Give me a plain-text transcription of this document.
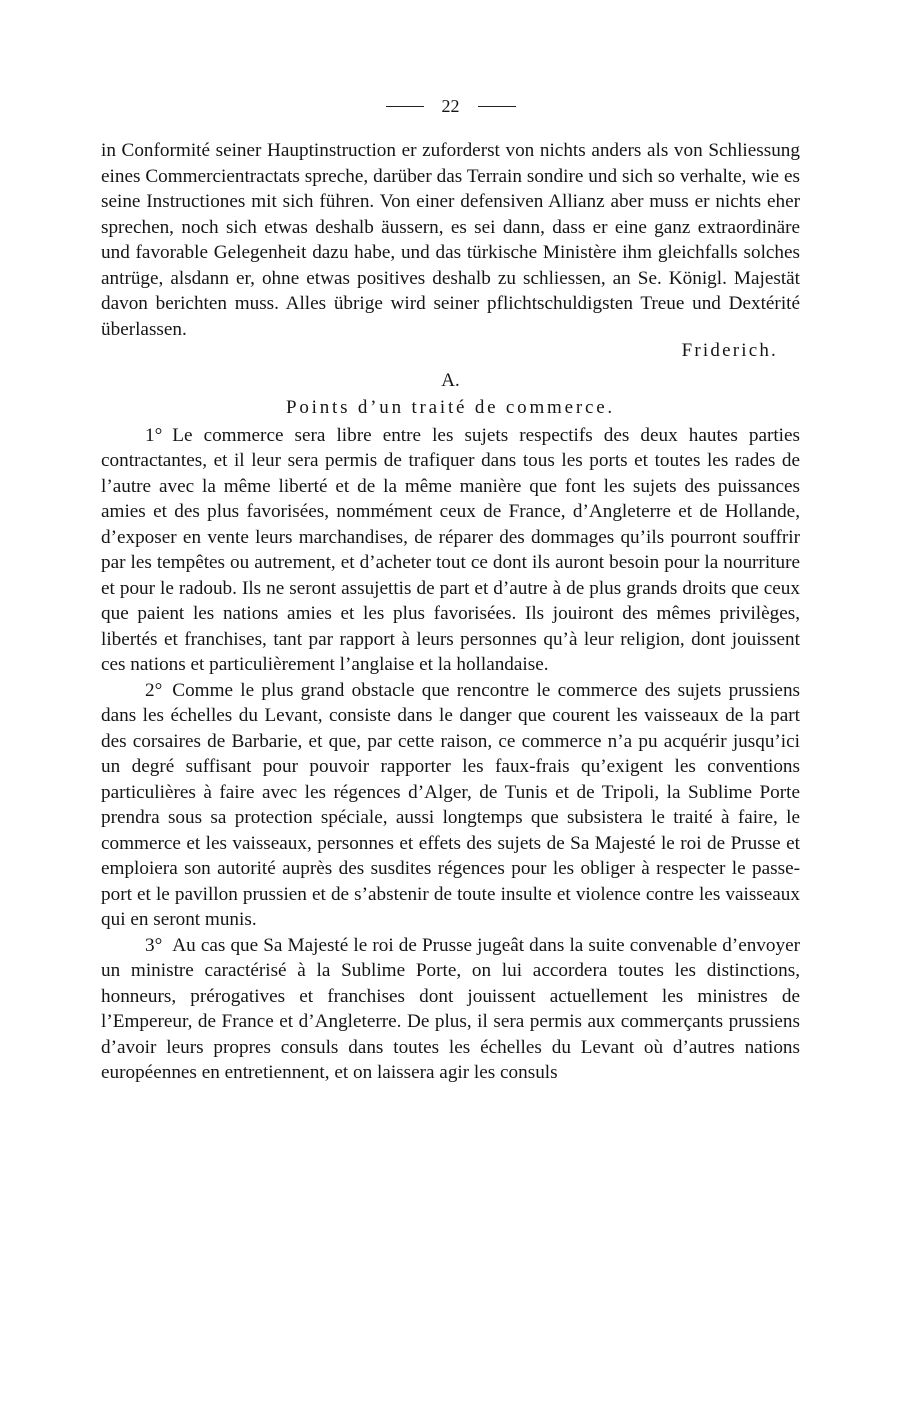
22

in Conformité seiner Hauptinstruction er zuforderst von nichts anders als von Schliessung eines Commercientractats spreche, darüber das Terrain sondire und sich so verhalte, wie es seine Instructiones mit sich führen. Von einer defensiven Allianz aber muss er nichts eher sprechen, noch sich etwas deshalb äussern, es sei dann, dass er eine ganz extraordinäre und favorable Gelegenheit dazu habe, und das türkische Ministère ihm gleichfalls solches antrüge, alsdann er, ohne etwas positives deshalb zu schliessen, an Se. Königl. Majestät davon berichten muss. Alles übrige wird seiner pflichtschuldigsten Treue und Dextérité überlassen.

Friderich.
A.
Points d’un traité de commerce.

1° Le commerce sera libre entre les sujets respectifs des deux hautes parties contractantes, et il leur sera permis de trafiquer dans tous les ports et toutes les rades de l’autre avec la même liberté et de la même manière que font les sujets des puissances amies et des plus favorisées, nommément ceux de France, d’Angleterre et de Hollande, d’exposer en vente leurs marchandises, de réparer des dommages qu’ils pourront souffrir par les tempêtes ou autrement, et d’acheter tout ce dont ils auront besoin pour la nourriture et pour le radoub. Ils ne seront assujettis de part et d’autre à de plus grands droits que ceux que paient les nations amies et les plus favorisées. Ils jouiront des mêmes privilèges, libertés et franchises, tant par rapport à leurs personnes qu’à leur religion, dont jouissent ces nations et particulièrement l’anglaise et la hollandaise.

2° Comme le plus grand obstacle que rencontre le commerce des sujets prussiens dans les échelles du Levant, consiste dans le danger que courent les vaisseaux de la part des corsaires de Barbarie, et que, par cette raison, ce commerce n’a pu acquérir jusqu’ici un degré suffisant pour pouvoir rapporter les faux-frais qu’exigent les conventions particulières à faire avec les régences d’Alger, de Tunis et de Tripoli, la Sublime Porte prendra sous sa protection spéciale, aussi longtemps que subsistera le traité à faire, le commerce et les vaisseaux, personnes et effets des sujets de Sa Majesté le roi de Prusse et emploiera son autorité auprès des susdites régences pour les obliger à respecter le passe-port et le pavillon prussien et de s’abstenir de toute insulte et violence contre les vaisseaux qui en seront munis.

3° Au cas que Sa Majesté le roi de Prusse jugeât dans la suite convenable d’envoyer un ministre caractérisé à la Sublime Porte, on lui accordera toutes les distinctions, honneurs, prérogatives et franchises dont jouissent actuellement les ministres de l’Empereur, de France et d’Angleterre. De plus, il sera permis aux commerçants prussiens d’avoir leurs propres consuls dans toutes les échelles du Levant où d’autres nations européennes en entretiennent, et on laissera agir les consuls
